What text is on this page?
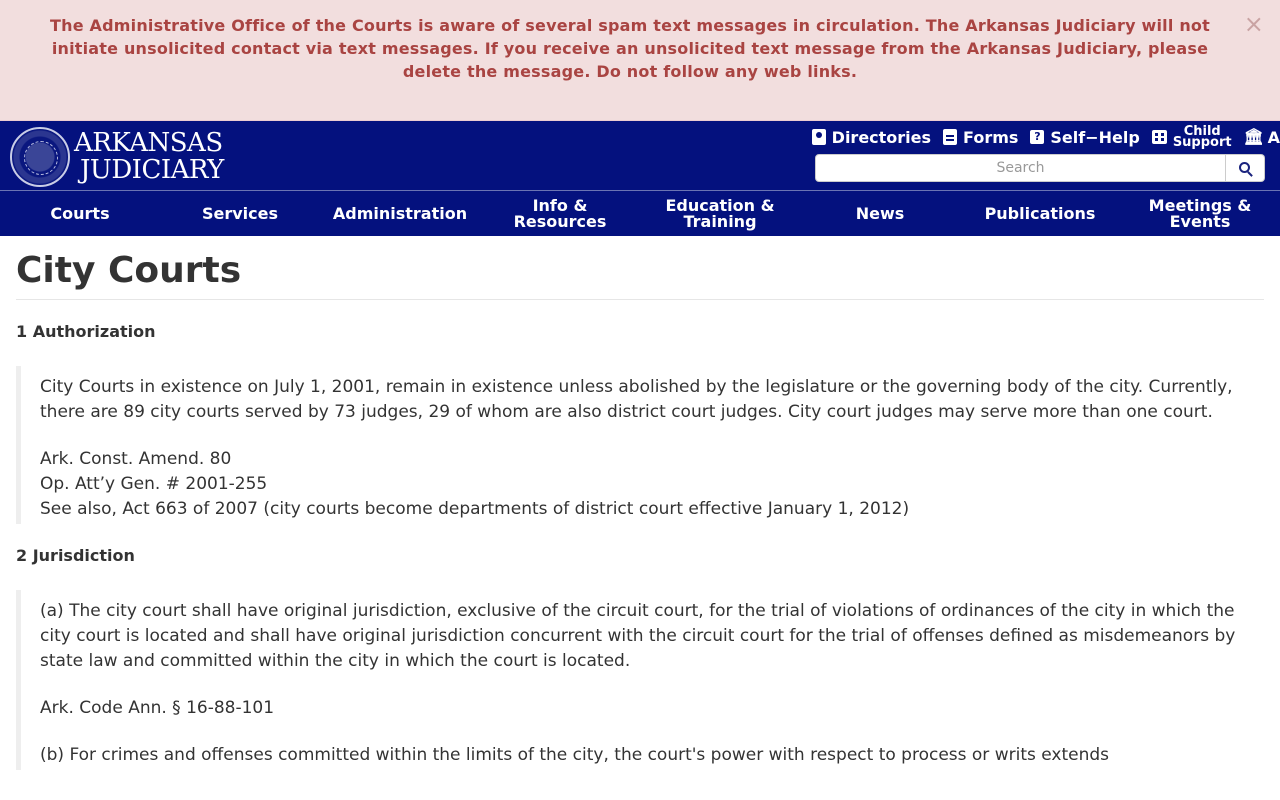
The Administrative Office of the Courts is aware of several spam text messages in circulation. The Arkansas Judiciary will not initiate unsolicited contact via text messages. If you receive an unsolicited text message from the Arkansas Judiciary, please delete the message. Do not follow any web links.
×
ARKANSAS
JUDICIARY
Directories Forms	? Self−Help	Child
Support 🏛 A
Search
Courts	Services	Administration	Info &
Resources
Education &
Training	News	Publications	Meetings &
Events
City Courts
1 Authorization

City Courts in existence on July 1, 2001, remain in existence unless abolished by the legislature or the governing body of the city. Currently, there are 89 city courts served by 73 judges, 29 of whom are also district court judges. City court judges may serve more than one court.

Ark. Const. Amend. 80
Op. Att’y Gen. # 2001-255
See also, Act 663 of 2007 (city courts become departments of district court effective January 1, 2012)
2 Jurisdiction

(a) The city court shall have original jurisdiction, exclusive of the circuit court, for the trial of violations of ordinances of the city in which the city court is located and shall have original jurisdiction concurrent with the circuit court for the trial of offenses defined as misdemeanors by state law and committed within the city in which the court is located.

Ark. Code Ann. § 16-88-101

(b) For crimes and offenses committed within the limits of the city, the court's power with respect to process or writs extends
